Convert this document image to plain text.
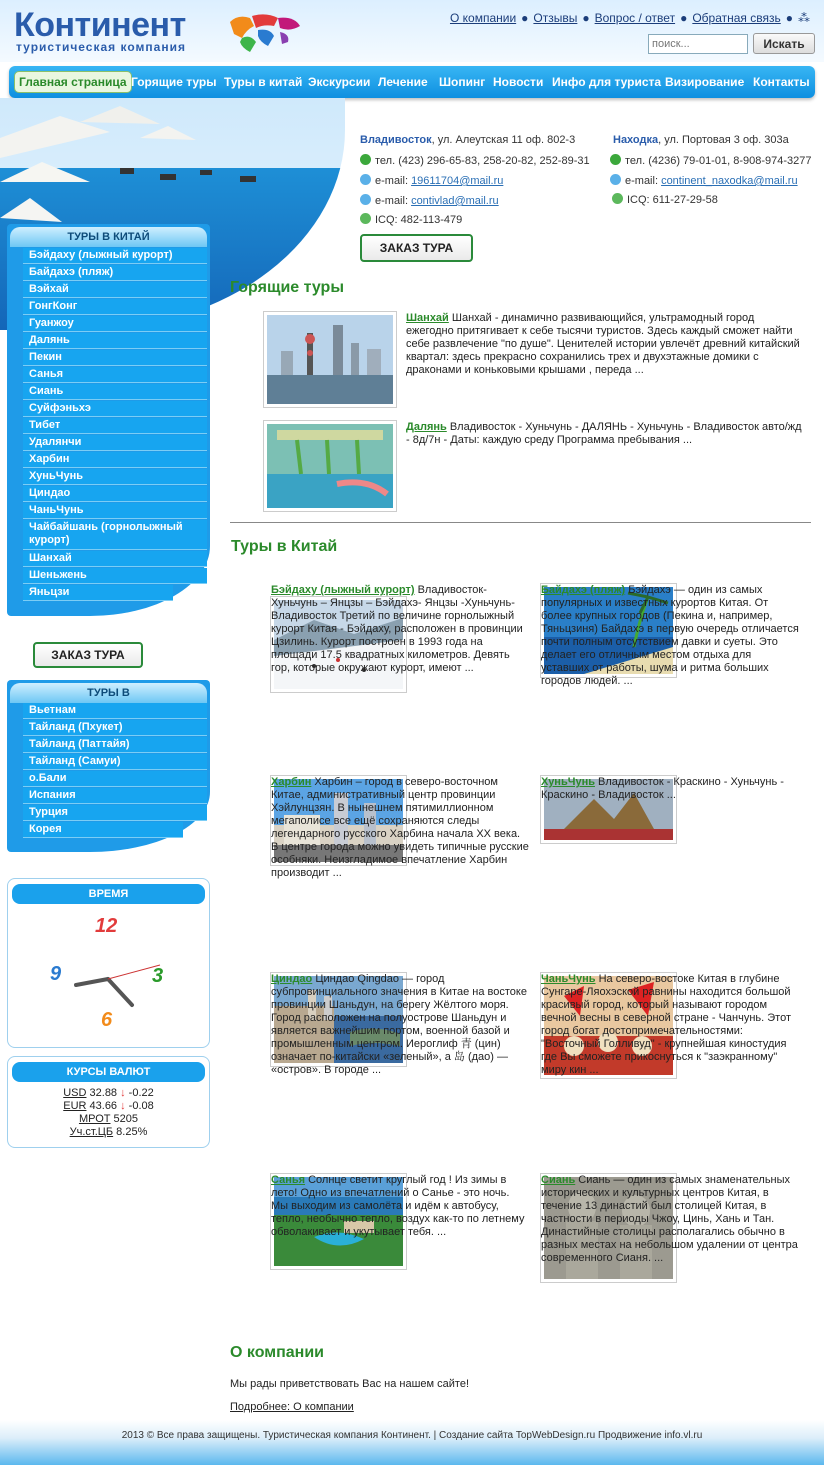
Континент
туристическая компания
О компании ● Отзывы ● Вопрос / ответ ● Обратная связь ● ⁂
поиск...
Искать
Главная страница Горящие туры Туры в китай Экскурсии Лечение Шопинг Новости Инфо для туриста Визирование Контакты
Владивосток, ул. Алеутская 11 оф. 802-3
тел. (423) 296-65-83, 258-20-82, 252-89-31
e-mail: 19611704@mail.ru
e-mail: contivlad@mail.ru
ICQ: 482-113-479
Находка, ул. Портовая 3 оф. 303а
тел. (4236) 79-01-01, 8-908-974-3277
e-mail: continent_naxodka@mail.ru
ICQ: 611-27-29-58
ЗАКАЗ ТУРА
ТУРЫ В КИТАЙ
Бэйдаху (лыжный курорт)
Байдахэ (пляж)
Вэйхай
ГонгКонг
Гуанжоу
Далянь
Пекин
Санья
Сиань
Суйфэньхэ
Тибет
Удалянчи
Харбин
ХуньЧунь
Циндао
ЧаньЧунь
Чайбайшань (горнолыжный
курорт)
Шанхай
Шеньжень
Яньцзи
ЗАКАЗ ТУРА
ТУРЫ В
Вьетнам
Тайланд (Пхукет)
Тайланд (Паттайя)
Тайланд (Самуи)
о.Бали
Испания
Турция
Корея
ВРЕМЯ
12
3
6
9
КУРСЫ ВАЛЮТ
USD 32.88 ↓ -0.22
EUR 43.66 ↓ -0.08
МРОТ 5205
Уч.ст.ЦБ 8.25%
Горящие туры
Шанхай Шанхай - динамично развивающийся, ультрамодный город ежегодно притягивает к себе тысячи туристов. Здесь каждый сможет найти себе развлечение "по душе". Ценителей истории увлечёт древний китайский квартал: здесь прекрасно сохранились трех и двухэтажные домики с драконами и коньковыми крышами , переда ...
Далянь Владивосток - Хуньчунь - ДАЛЯНЬ - Хуньчунь - Владивосток авто/жд - 8д/7н - Даты: каждую среду Программа пребывания ...
Туры в Китай
Бэйдаху (лыжный курорт) Владивосток-Хуньчунь – Янцзы – Бэйдахэ- Янцзы -Хуньчунь-Владивосток Третий по величине горнолыжный курорт Китая - Бэйдаху, расположен в провинции Цзилинь. Курорт построен в 1993 года на площади 17.5 квадратных километров. Девять гор, которые окружают курорт, имеют ...
Байдахэ (пляж) Бэйдахэ — один из самых популярных и известных курортов Китая. От более крупных городов (Пекина и, например, Тяньцзиня) Байдахэ в первую очередь отличается почти полным отсутствием давки и суеты. Это делает его отличным местом отдыха для уставших от работы, шума и ритма больших городов людей. ...
Харбин Харбин – город в северо-восточном Китае, административный центр провинции Хэйлунцзян. В нынешнем пятимиллионном мегаполисе все ещё сохраняются следы легендарного русского Харбина начала XX века. В центре города можно увидеть типичные русские особняки. Неизгладимое впечатление Харбин производит ...
ХуньЧунь Владивосток - Краскино - Хуньчунь - Краскино - Владивосток ...
Циндао Циндао Qingdao — город субпровинциального значения в Китае на востоке провинции Шаньдун, на берегу Жёлтого моря. Город расположен на полуострове Шаньдун и является важнейшим портом, военной базой и промышленным центром. Иероглиф 青 (цин) означает по-китайски «зеленый», а 岛 (дао) — «остров». В городе ...
ЧаньЧунь На северо-востоке Китая в глубине Сунгаре-Ляохэской равнины находится большой красивый город, который называют городом вечной весны в северной стране - Чанчунь. Этот город богат достопримечательностями: "Восточный Голливуд" - крупнейшая киностудия где Вы сможете прикоснуться к "заэкранному" миру кин ...
Санья Солнце светит круглый год ! Из зимы в лето! Одно из впечатлений о Санье - это ночь. Мы выходим из самолёта и идём к автобусу, тепло, необычно тепло, воздух как-то по летнему обволакивает и укутывает тебя. ...
Сиань Сиань — один из самых знаменательных исторических и культурных центров Китая, в течение 13 династий был столицей Китая, в частности в периоды Чжоу, Цинь, Хань и Тан. Династийные столицы располагались обычно в разных местах на небольшом удалении от центра современного Сианя. ...
О компании
Мы рады приветствовать Вас на нашем сайте!
Подробнее: О компании
2013 © Все права защищены. Туристическая компания Континент. | Создание сайта TopWebDesign.ru Продвижение info.vl.ru
